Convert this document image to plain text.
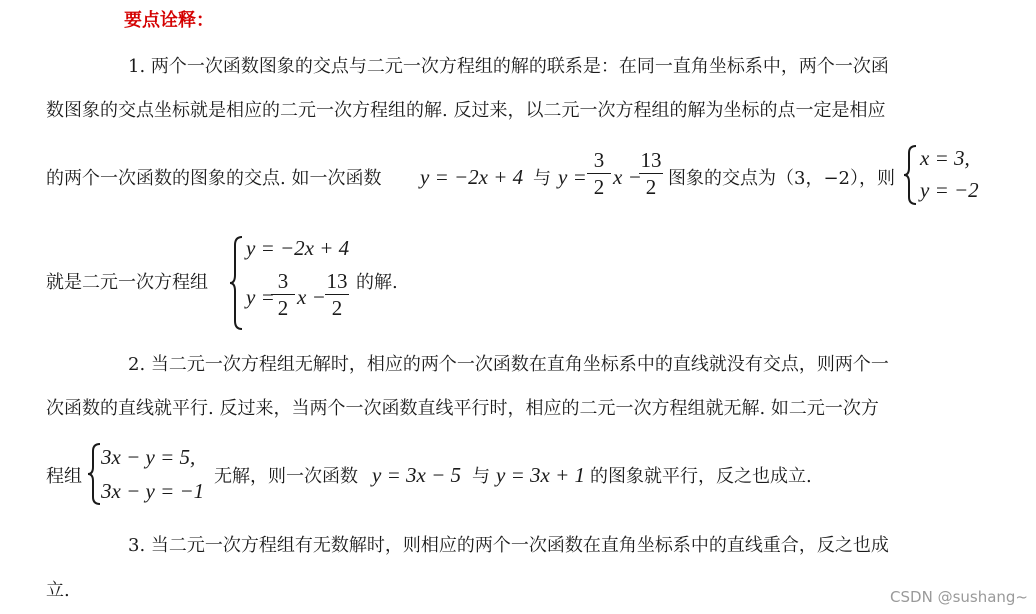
要点诠释：
1. 两个一次函数图象的交点与二元一次方程组的解的联系是：在同一直角坐标系中，两个一次函
数图象的交点坐标就是相应的二元一次方程组的解. 反过来，以二元一次方程组的解为坐标的点一定是相应
的两个一次函数的图象的交点. 如一次函数 y = −2x + 4 与 y =
3
2 x −
13
2 图象的交点为（3，−2），则
x = 3,
y = −2
就是二元一次方程组
y = −2x + 4
y =
3
2 x −
13
2
的解.
2. 当二元一次方程组无解时，相应的两个一次函数在直角坐标系中的直线就没有交点，则两个一
次函数的直线就平行. 反过来，当两个一次函数直线平行时，相应的二元一次方程组就无解. 如二元一次方
程组
3x − y = 5,
3x − y = −1
无解，则一次函数 y = 3x − 5 与 y = 3x + 1 的图象就平行，反之也成立.
3. 当二元一次方程组有无数解时，则相应的两个一次函数在直角坐标系中的直线重合，反之也成
立.	CSDN @sushang~
